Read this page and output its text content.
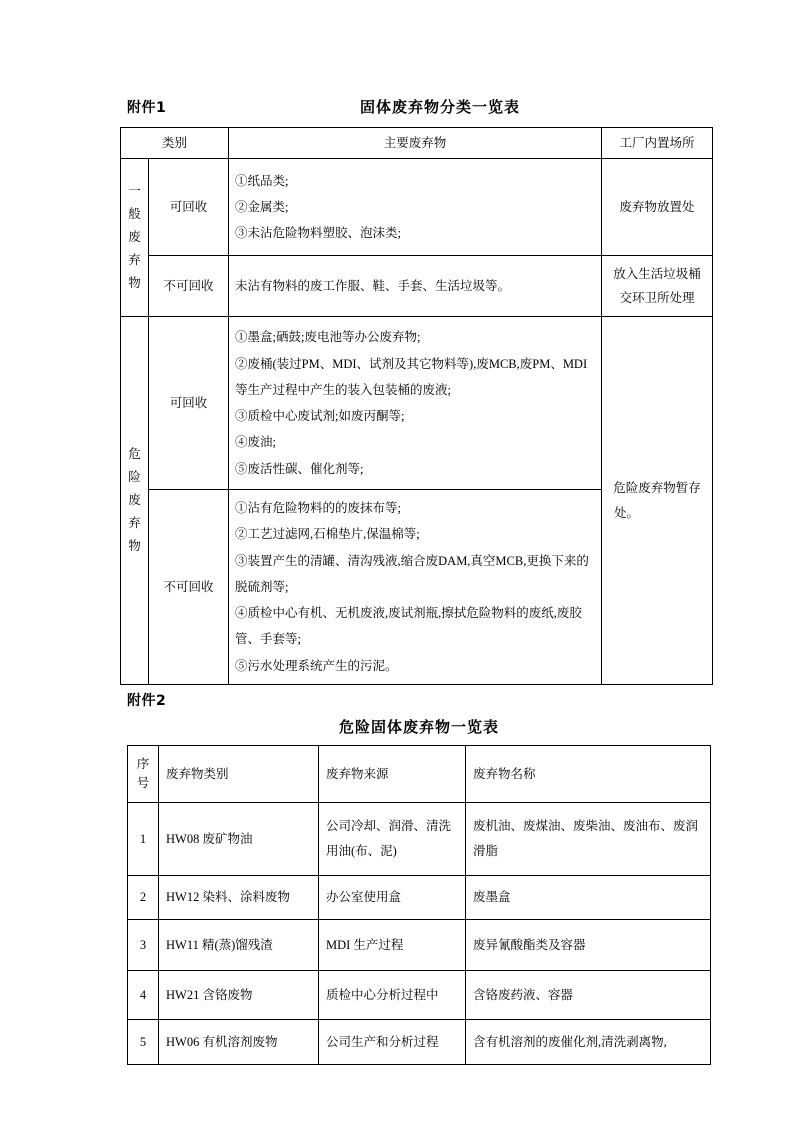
附件1	固体废弃物分类一览表
类别		主要废弃物	工厂内置场所

一
般
废
弃
物	可回收	①纸品类;
②金属类;
③未沾危险物料塑胶、泡沫类;	废弃物放置处
	不可回收	未沾有物料的废工作服、鞋、手套、生活垃圾等。	放入生活垃圾桶
交环卫所处理

危
险
废
弃
物	可回收	①墨盒;硒鼓;废电池等办公废弃物;
②废桶(装过PM、MDI、试剂及其它物料等),废MCB,废PM、MDI等生产过程中产生的装入包装桶的废液;
③质检中心废试剂;如废丙酮等;
④废油;
⑤废活性碳、催化剂等;	危险废弃物暂存
处。

	不可回收	①沾有危险物料的的废抹布等;
②工艺过滤网,石棉垫片,保温棉等;
③装置产生的清罐、清沟残液,缩合废DAM,真空MCB,更换下来的脱硫剂等;
④质检中心有机、无机废液,废试剂瓶,擦拭危险物料的废纸,废胶管、手套等;
⑤污水处理系统产生的污泥。	
附件2
危险固体废弃物一览表
序
号	废弃物类别	废弃物来源	废弃物名称
1	HW08 废矿物油	公司冷却、润滑、清洗用油(布、泥)	废机油、废煤油、废柴油、废油布、废润滑脂
2	HW12 染料、涂料废物	办公室使用盒	废墨盒
3	HW11 精(蒸)馏残渣	MDI 生产过程	废异氰酸酯类及容器
4	HW21 含铬废物	质检中心分析过程中	含铬废药液、容器
5	HW06 有机溶剂废物	公司生产和分析过程	含有机溶剂的废催化剂,清洗剥离物,
